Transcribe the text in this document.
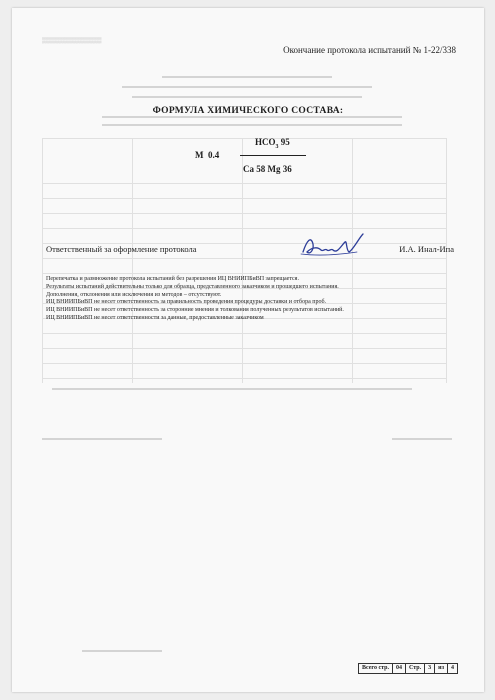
▒▒▒▒▒▒▒▒▒▒▒▒▒▒
Окончание протокола испытаний № 1-22/338
ФОРМУЛА ХИМИЧЕСКОГО СОСТАВА:
$HCO_3$ 95
М 0.4
Ca 58 Mg 36
Ответственный за оформление протокола	И.А. Инал-Ипа
Перепечатка и размножение протокола испытаний без разрешения ИЦ ВНИИПБиВП запрещается.
Результаты испытаний действительны только для образца, представленного заказчиком и прошедшего испытания.
Дополнения, отклонения или исключения из методов – отсутствуют.
ИЦ ВНИИПБиВП не несет ответственность за правильность проведения процедуры доставки и отбора проб.
ИЦ ВНИИПБиВП не несет ответственность за сторонние мнения и толкования полученных результатов испытаний.
ИЦ ВНИИПБиВП не несет ответственности за данные, предоставленные заказчиком
Всего стр.	04	Стр.	3	из	4
